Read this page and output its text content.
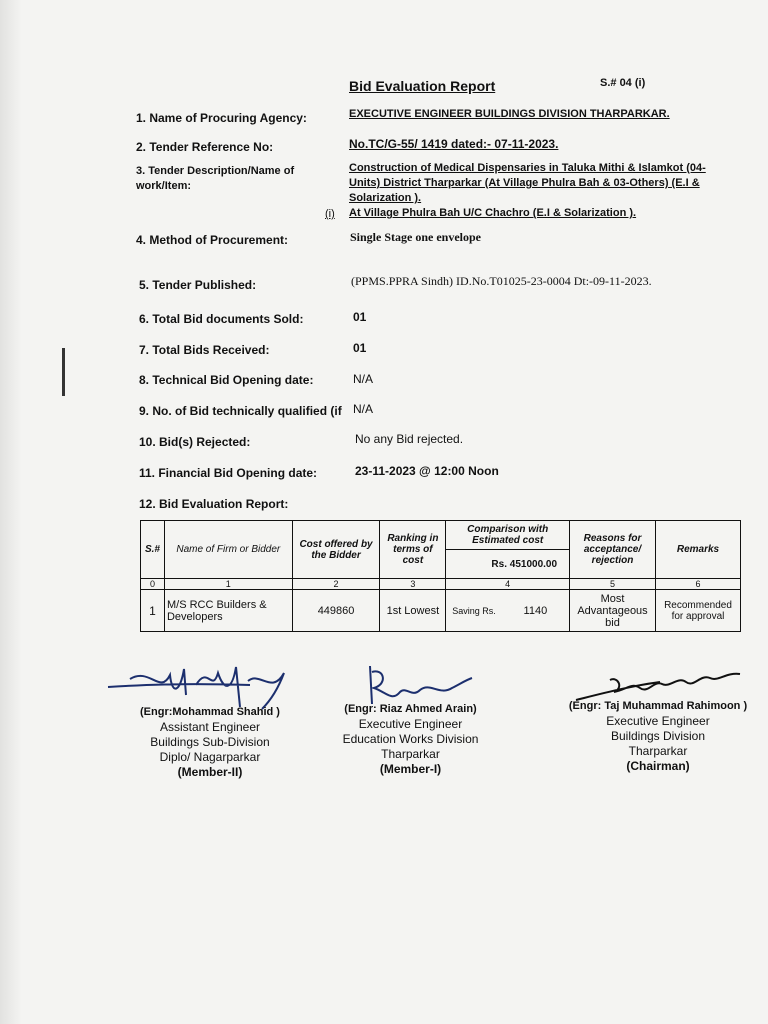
Bid Evaluation Report	S.# 04 (i)
1. Name of Procuring Agency:	EXECUTIVE ENGINEER BUILDINGS DIVISION THARPARKAR.
2. Tender Reference No:	No.TC/G-55/ 1419 dated:- 07-11-2023.
3. Tender Description/Name of
work/Item:
Construction of Medical Dispensaries in Taluka Mithi & Islamkot (04-
Units) District Tharparkar (At Village Phulra Bah & 03-Others) (E.I &
Solarization ).
(i) At Village Phulra Bah U/C Chachro (E.I & Solarization ).
4. Method of Procurement:	Single Stage one envelope
5. Tender Published:	(PPMS.PPRA Sindh) ID.No.T01025-23-0004 Dt:-09-11-2023.
6. Total Bid documents Sold:	01
7. Total Bids Received:	01
8. Technical Bid Opening date:	N/A
9. No. of Bid technically qualified (if N/A
10. Bid(s) Rejected:	No any Bid rejected.
11. Financial Bid Opening date:	23-11-2023 @ 12:00 Noon
12. Bid Evaluation Report:
S.#	Name of Firm or Bidder	Cost offered by the Bidder	Ranking in terms of cost	Comparison with Estimated cost		Reasons for acceptance/ rejection	Remarks
				Rs. 451000.00			
0	1	2	3	4		5	6
1	M/S RCC Builders & Developers	449860	1st Lowest	Saving Rs.	1140	Most Advantageous bid	Recommended for approval
(Engr:Mohammad Shahid )
Assistant Engineer
Buildings Sub-Division
Diplo/ Nagarparkar
(Member-II)
(Engr: Riaz Ahmed Arain)
Executive Engineer
Education Works Division
Tharparkar
(Member-I)
(Engr: Taj Muhammad Rahimoon )
Executive Engineer
Buildings Division
Tharparkar
(Chairman)
